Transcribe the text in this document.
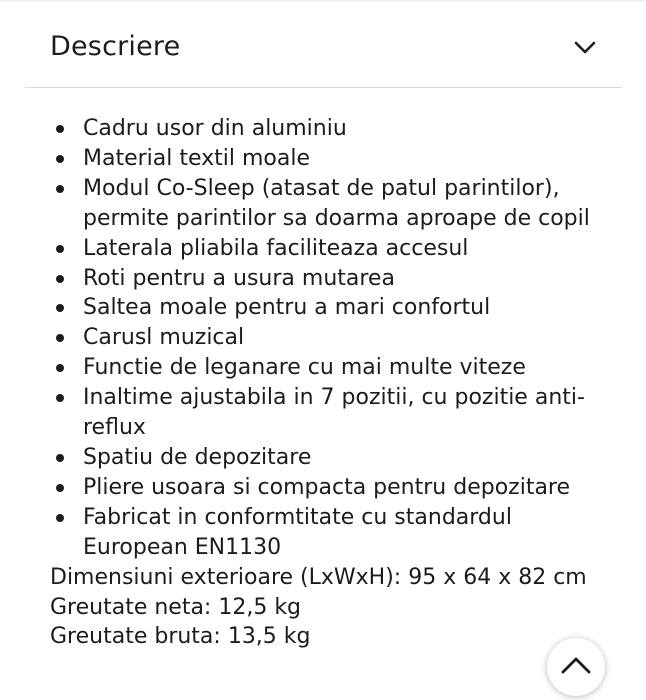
Descriere
Cadru usor din aluminiu
Material textil moale
Modul Co-Sleep (atasat de patul parintilor), permite parintilor sa doarma aproape de copil
Laterala pliabila faciliteaza accesul
Roti pentru a usura mutarea
Saltea moale pentru a mari confortul
Carusl muzical
Functie de leganare cu mai multe viteze
Inaltime ajustabila in 7 pozitii, cu pozitie anti-reflux
Spatiu de depozitare
Pliere usoara si compacta pentru depozitare
Fabricat in conformtitate cu standardul European EN1130
Dimensiuni exterioare (LxWxH): 95 x 64 x 82 cm
Greutate neta: 12,5 kg
Greutate bruta: 13,5 kg
